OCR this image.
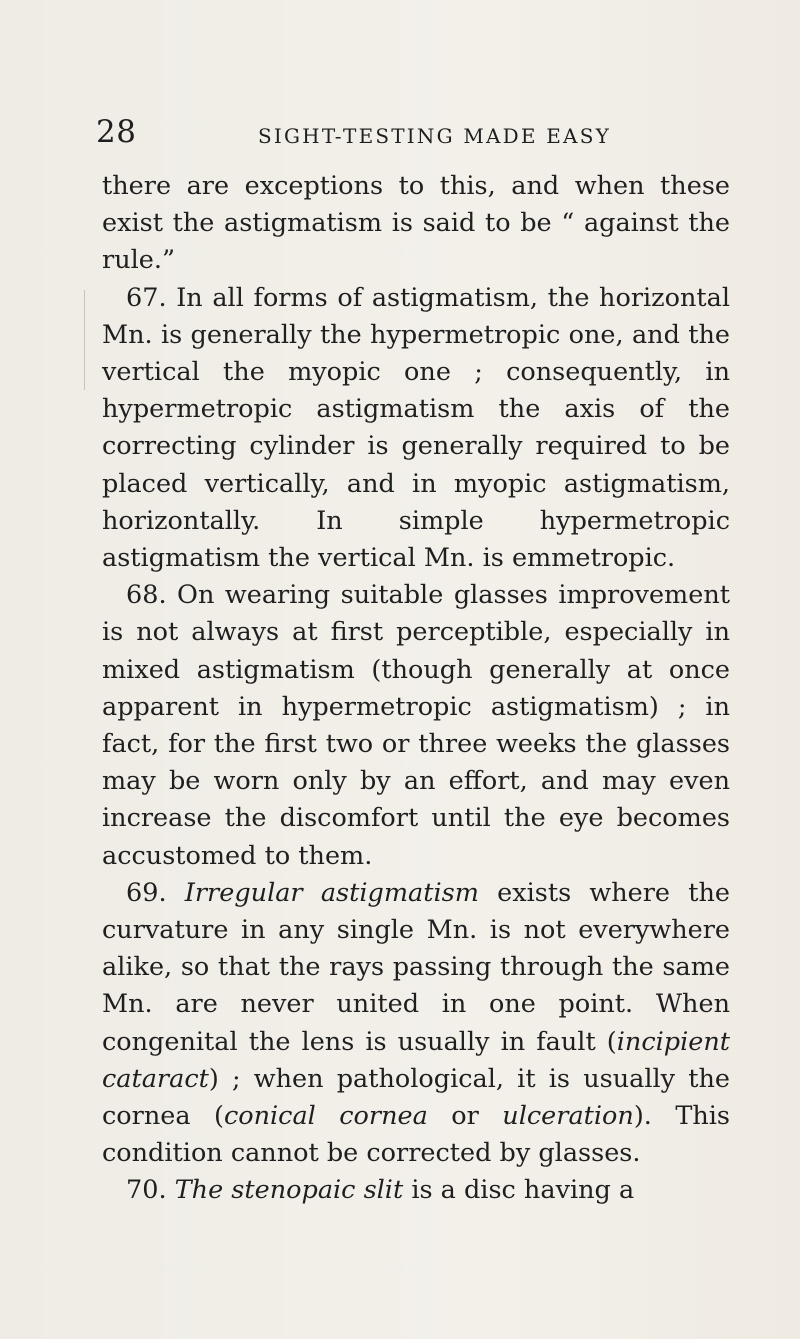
28	SIGHT-TESTING MADE EASY

there are exceptions to this, and when these exist the astigmatism is said to be “ against the rule.”

67. In all forms of astigmatism, the horizontal Mn. is generally the hypermetropic one, and the vertical the myopic one ; consequently, in hypermetropic astigmatism the axis of the correcting cylinder is generally required to be placed vertically, and in myopic astigmatism, horizontally. In simple hypermetropic astigmatism the vertical Mn. is emmetropic.

68. On wearing suitable glasses improvement is not always at first perceptible, especially in mixed astigmatism (though generally at once apparent in hypermetropic astigmatism) ; in fact, for the first two or three weeks the glasses may be worn only by an effort, and may even increase the discomfort until the eye becomes accustomed to them.

69. Irregular astigmatism exists where the curvature in any single Mn. is not everywhere alike, so that the rays passing through the same Mn. are never united in one point. When congenital the lens is usually in fault (incipient cataract) ; when pathological, it is usually the cornea (conical cornea or ulceration). This condition cannot be corrected by glasses.

70. The stenopaic slit is a disc having a
